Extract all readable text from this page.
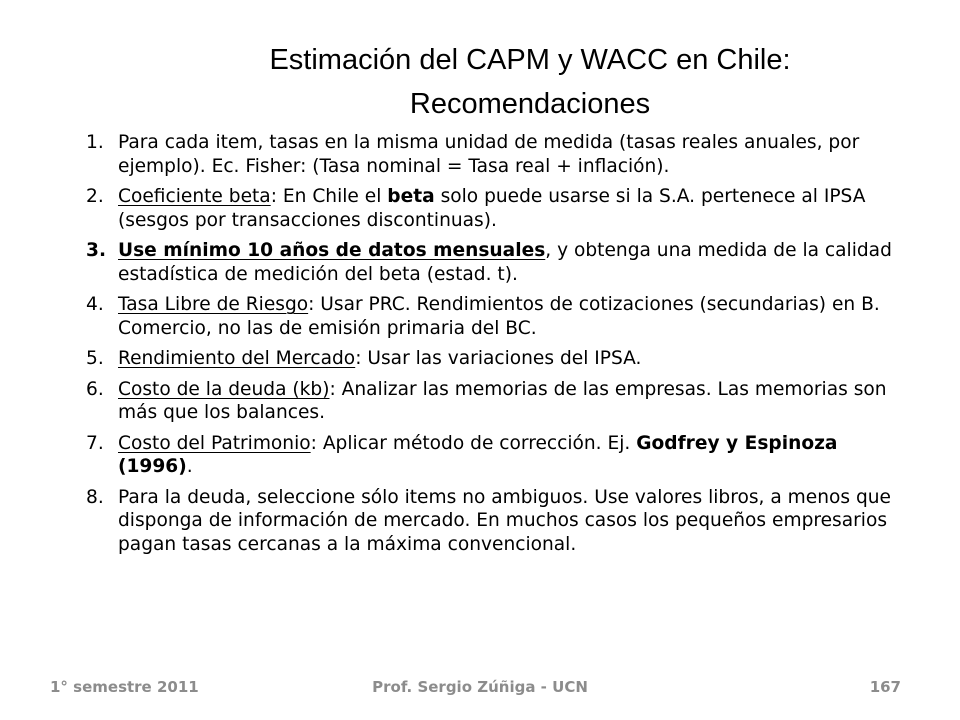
Estimación del CAPM y WACC en Chile:
Recomendaciones
1. Para cada item, tasas en la misma unidad de medida (tasas reales anuales, por ejemplo). Ec. Fisher: (Tasa nominal = Tasa real + inflación).
2. Coeficiente beta: En Chile el beta solo puede usarse si la S.A. pertenece al IPSA (sesgos por transacciones discontinuas).
3. Use mínimo 10 años de datos mensuales, y obtenga una medida de la calidad estadística de medición del beta (estad. t).
4. Tasa Libre de Riesgo: Usar PRC. Rendimientos de cotizaciones (secundarias) en B. Comercio, no las de emisión primaria del BC.
5. Rendimiento del Mercado: Usar las variaciones del IPSA.
6. Costo de la deuda (kb): Analizar las memorias de las empresas. Las memorias son más que los balances.
7. Costo del Patrimonio: Aplicar método de corrección. Ej. Godfrey y Espinoza (1996).
8. Para la deuda, seleccione sólo items no ambiguos. Use valores libros, a menos que disponga de información de mercado. En muchos casos los pequeños empresarios pagan tasas cercanas a la máxima convencional.
1° semestre 2011	Prof. Sergio Zúñiga - UCN	167
